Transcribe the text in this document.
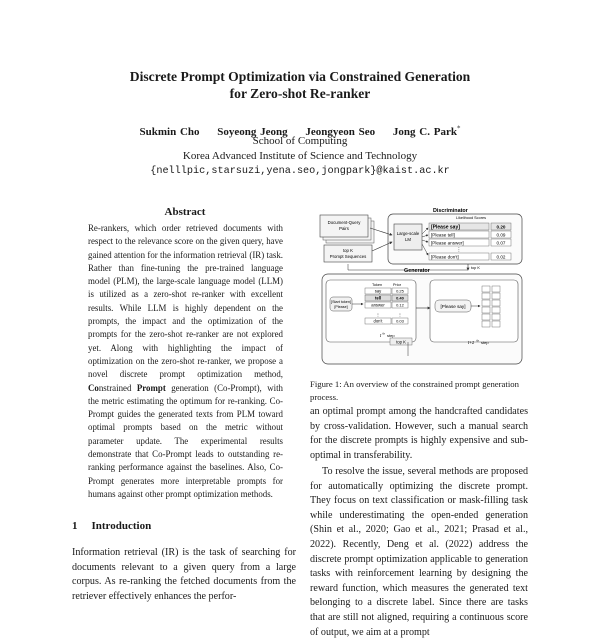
Discrete Prompt Optimization via Constrained Generation
for Zero-shot Re-ranker
Sukmin Cho Soyeong Jeong Jeongyeon Seo Jong C. Park*
School of Computing
Korea Advanced Institute of Science and Technology
{nelllpic,starsuzi,yena.seo,jongpark}@kaist.ac.kr
Abstract
Re-rankers, which order retrieved documents with respect to the relevance score on the given query, have gained attention for the information retrieval (IR) task. Rather than fine-tuning the pre-trained language model (PLM), the large-scale language model (LLM) is utilized as a zero-shot re-ranker with excellent results. While LLM is highly dependent on the prompts, the impact and the optimization of the prompts for the zero-shot re-ranker are not explored yet. Along with highlighting the impact of optimization on the zero-shot re-ranker, we propose a novel discrete prompt optimization method, Constrained Prompt generation (Co-Prompt), with the metric estimating the optimum for re-ranking. Co-Prompt guides the generated texts from PLM toward optimal prompts based on the metric without parameter update. The experimental results demonstrate that Co-Prompt leads to outstanding re-ranking performance against the baselines. Also, Co-Prompt generates more interpretable prompts for humans against other prompt optimization methods.
1 Introduction
Information retrieval (IR) is the task of searching for documents relevant to a given query from a large corpus. As re-ranking the fetched documents from the retriever effectively enhances the perfor-
Discriminator
Likelihood Scores
Document-Query
Pairs
top K
Prompt Sequences
Large-scale
LM
[Please say]	0.20
[Please tell]	0.09
[Please answer]	0.07
⋮
[Please don't]	0.02
top K
Generator
[Start token]
[Please]
Token	Prior
say	0.25
tell	0.40
answer	0.12
⋮	⋮
don't	0.03
t th step
top K
[Please say]
t+1 th step
Figure 1: An overview of the constrained prompt generation process.
an optimal prompt among the handcrafted candidates by cross-validation. However, such a manual search for the discrete prompts is highly expensive and sub-optimal in transferability.
To resolve the issue, several methods are proposed for automatically optimizing the discrete prompt. They focus on text classification or mask-filling task while underestimating the open-ended generation (Shin et al., 2020; Gao et al., 2021; Prasad et al., 2022). Recently, Deng et al. (2022) address the discrete prompt optimization applicable to generation tasks with reinforcement learning by designing the reward function, which measures the generated text belonging to a discrete label. Since there are tasks that are still not aligned, requiring a continuous score of output, we aim at a prompt
